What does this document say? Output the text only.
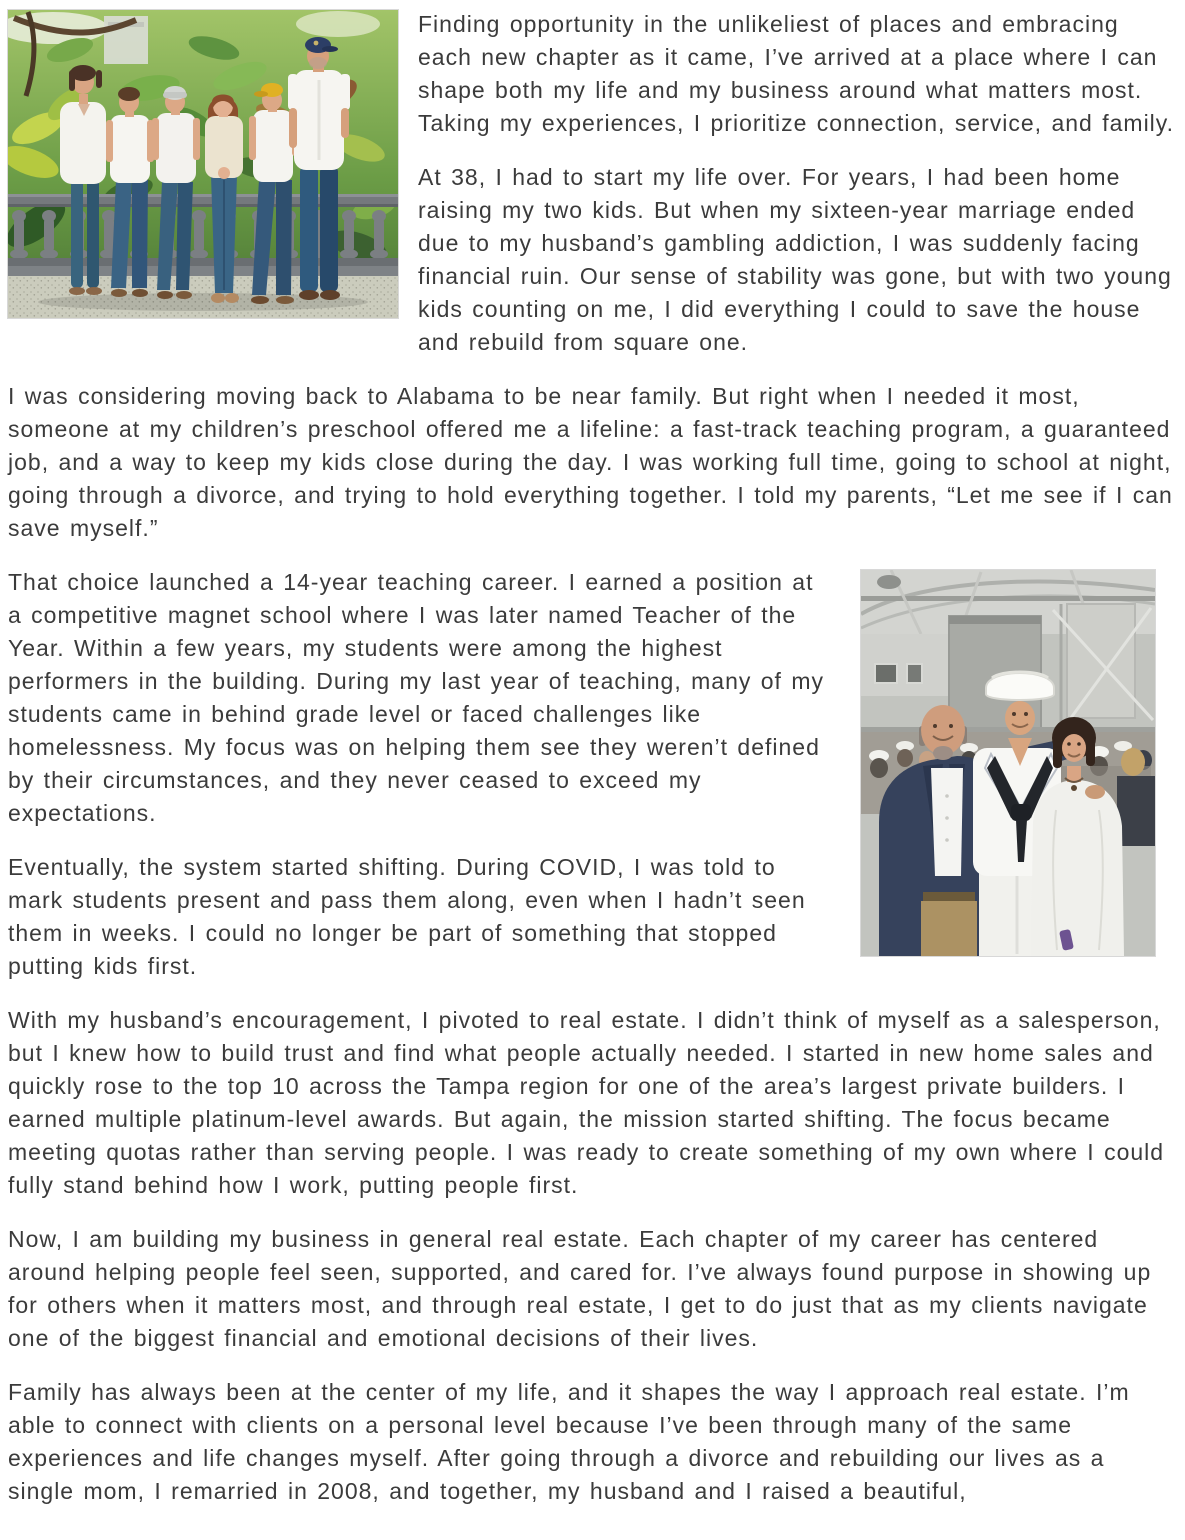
Finding opportunity in the unlikeliest of places and embracing each new chapter as it came, I’ve arrived at a place where I can shape both my life and my business around what matters most. Taking my experiences, I prioritize connection, service, and family.

At 38, I had to start my life over. For years, I had been home raising my two kids. But when my sixteen-year marriage ended due to my husband’s gambling addiction, I was suddenly facing financial ruin. Our sense of stability was gone, but with two young kids counting on me, I did everything I could to save the house and rebuild from square one.

I was considering moving back to Alabama to be near family. But right when I needed it most, someone at my children’s preschool offered me a lifeline: a fast-track teaching program, a guaranteed job, and a way to keep my kids close during the day. I was working full time, going to school at night, going through a divorce, and trying to hold everything together. I told my parents, “Let me see if I can save myself.”

That choice launched a 14-year teaching career. I earned a position at a competitive magnet school where I was later named Teacher of the Year. Within a few years, my students were among the highest performers in the building. During my last year of teaching, many of my students came in behind grade level or faced challenges like homelessness. My focus was on helping them see they weren’t defined by their circumstances, and they never ceased to exceed my expectations.

Eventually, the system started shifting. During COVID, I was told to mark students present and pass them along, even when I hadn’t seen them in weeks. I could no longer be part of something that stopped putting kids first.

With my husband’s encouragement, I pivoted to real estate. I didn’t think of myself as a salesperson, but I knew how to build trust and find what people actually needed. I started in new home sales and quickly rose to the top 10 across the Tampa region for one of the area’s largest private builders. I earned multiple platinum-level awards. But again, the mission started shifting. The focus became meeting quotas rather than serving people. I was ready to create something of my own where I could fully stand behind how I work, putting people first.

Now, I am building my business in general real estate. Each chapter of my career has centered around helping people feel seen, supported, and cared for. I’ve always found purpose in showing up for others when it matters most, and through real estate, I get to do just that as my clients navigate one of the biggest financial and emotional decisions of their lives.

Family has always been at the center of my life, and it shapes the way I approach real estate. I’m able to connect with clients on a personal level because I’ve been through many of the same experiences and life changes myself. After going through a divorce and rebuilding our lives as a single mom, I remarried in 2008, and together, my husband and I raised a beautiful,
